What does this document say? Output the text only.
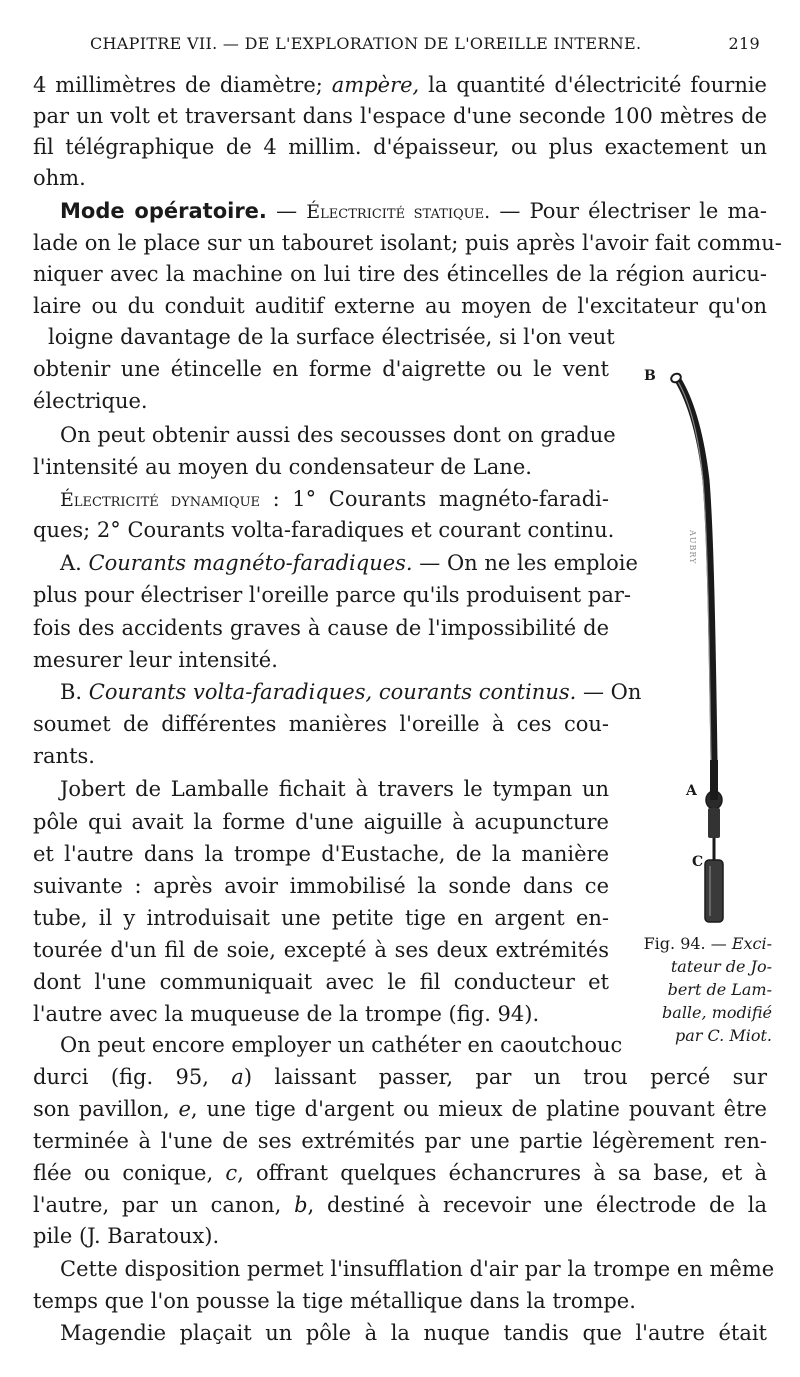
CHAPITRE VII. — DE L'EXPLORATION DE L'OREILLE INTERNE.	219
4 millimètres de diamètre; ampère, la quantité d'électricité fournie
par un volt et traversant dans l'espace d'une seconde 100 mètres de
fil télégraphique de 4 millim. d'épaisseur, ou plus exactement un
ohm.
Mode opératoire. — Électricité statique. — Pour électriser le ma-
lade on le place sur un tabouret isolant; puis après l'avoir fait commu-
niquer avec la machine on lui tire des étincelles de la région auricu-
laire ou du conduit auditif externe au moyen de l'excitateur qu'on
loigne davantage de la surface électrisée, si l'on veut
obtenir une étincelle en forme d'aigrette ou le vent
électrique.
On peut obtenir aussi des secousses dont on gradue
l'intensité au moyen du condensateur de Lane.
Électricité dynamique : 1° Courants magnéto-faradi-
ques; 2° Courants volta-faradiques et courant continu.
A. Courants magnéto-faradiques. — On ne les emploie
plus pour électriser l'oreille parce qu'ils produisent par-
fois des accidents graves à cause de l'impossibilité de
mesurer leur intensité.
B. Courants volta-faradiques, courants continus. — On
soumet de différentes manières l'oreille à ces cou-
rants.
Jobert de Lamballe fichait à travers le tympan un
pôle qui avait la forme d'une aiguille à acupuncture
et l'autre dans la trompe d'Eustache, de la manière
suivante : après avoir immobilisé la sonde dans ce
tube, il y introduisait une petite tige en argent en-
tourée d'un fil de soie, excepté à ses deux extrémités
dont l'une communiquait avec le fil conducteur et
l'autre avec la muqueuse de la trompe (fig. 94).
On peut encore employer un cathéter en caoutchouc
durci (fig. 95, a) laissant passer, par un trou percé sur
son pavillon, e, une tige d'argent ou mieux de platine pouvant être
terminée à l'une de ses extrémités par une partie légèrement ren-
flée ou conique, c, offrant quelques échancrures à sa base, et à
l'autre, par un canon, b, destiné à recevoir une électrode de la
pile (J. Baratoux).
Cette disposition permet l'insufflation d'air par la trompe en même
temps que l'on pousse la tige métallique dans la trompe.
Magendie plaçait un pôle à la nuque tandis que l'autre était
B
A
C
AUBRY
Fig. 94. — Exci-
tateur de Jo-
bert de Lam-
balle, modifié
par C. Miot.
